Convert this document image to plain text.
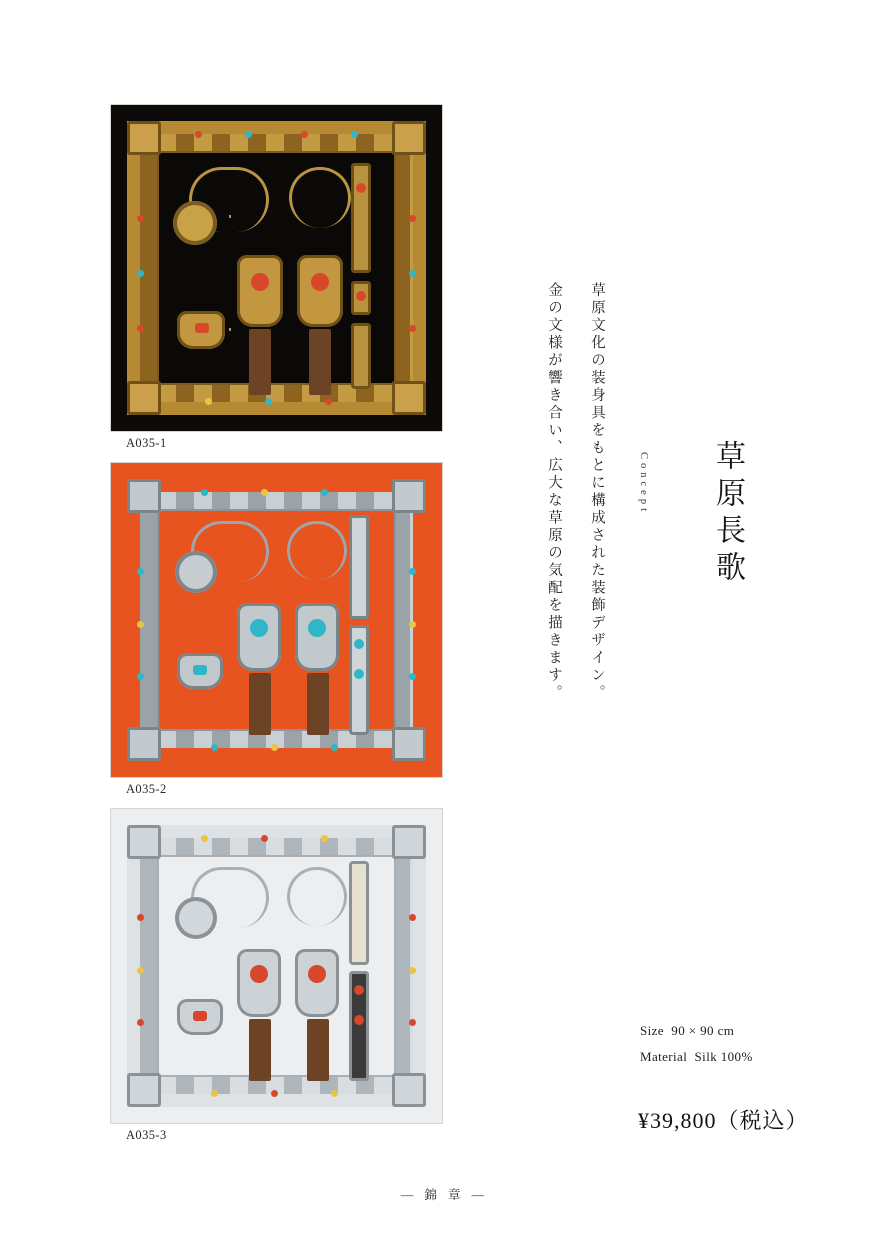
A035-1
A035-2
A035-3
草原長歌
Concept
草原文化の装身具をもとに構成された装飾デザイン。
金の文様が響き合い、広大な草原の気配を描きます。
Size 90 × 90 cm
Material Silk 100%
¥39,800（税込）
— 錦 章 —
